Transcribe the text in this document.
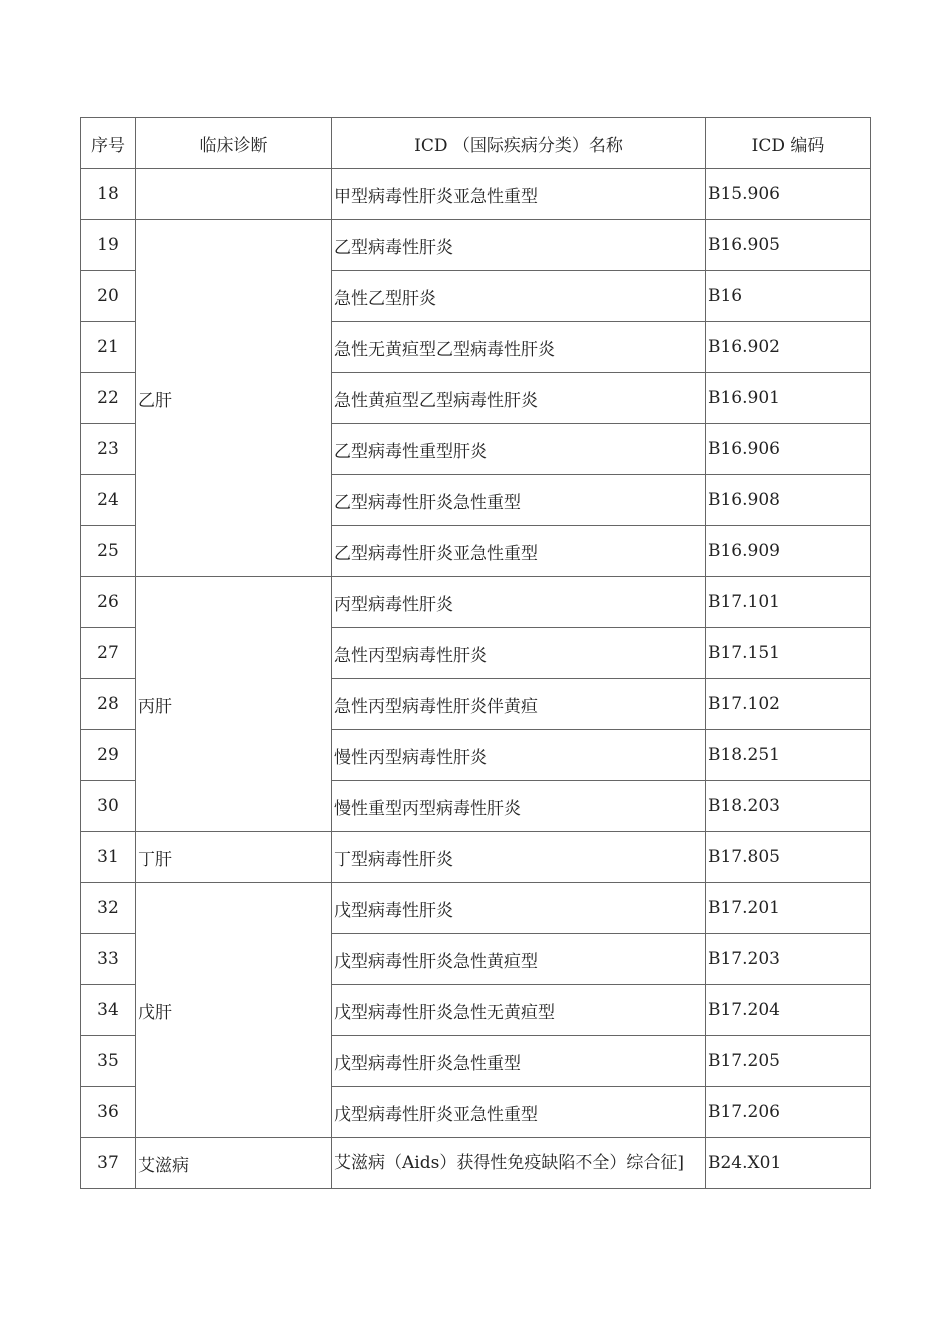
序号	临床诊断	ICD （国际疾病分类）名称	ICD 编码
18		甲型病毒性肝炎亚急性重型	B15.906
19	乙肝	乙型病毒性肝炎	B16.905
20		急性乙型肝炎	B16
21		急性无黄疸型乙型病毒性肝炎	B16.902
22		急性黄疸型乙型病毒性肝炎	B16.901
23		乙型病毒性重型肝炎	B16.906
24		乙型病毒性肝炎急性重型	B16.908
25		乙型病毒性肝炎亚急性重型	B16.909
26	丙肝	丙型病毒性肝炎	B17.101
27		急性丙型病毒性肝炎	B17.151
28		急性丙型病毒性肝炎伴黄疸	B17.102
29		慢性丙型病毒性肝炎	B18.251
30		慢性重型丙型病毒性肝炎	B18.203
31	丁肝	丁型病毒性肝炎	B17.805
32	戊肝	戊型病毒性肝炎	B17.201
33		戊型病毒性肝炎急性黄疸型	B17.203
34		戊型病毒性肝炎急性无黄疸型	B17.204
35		戊型病毒性肝炎急性重型	B17.205
36		戊型病毒性肝炎亚急性重型	B17.206
37	艾滋病	艾滋病（Aids）获得性免疫缺陷不全）综合征]	B24.X01
